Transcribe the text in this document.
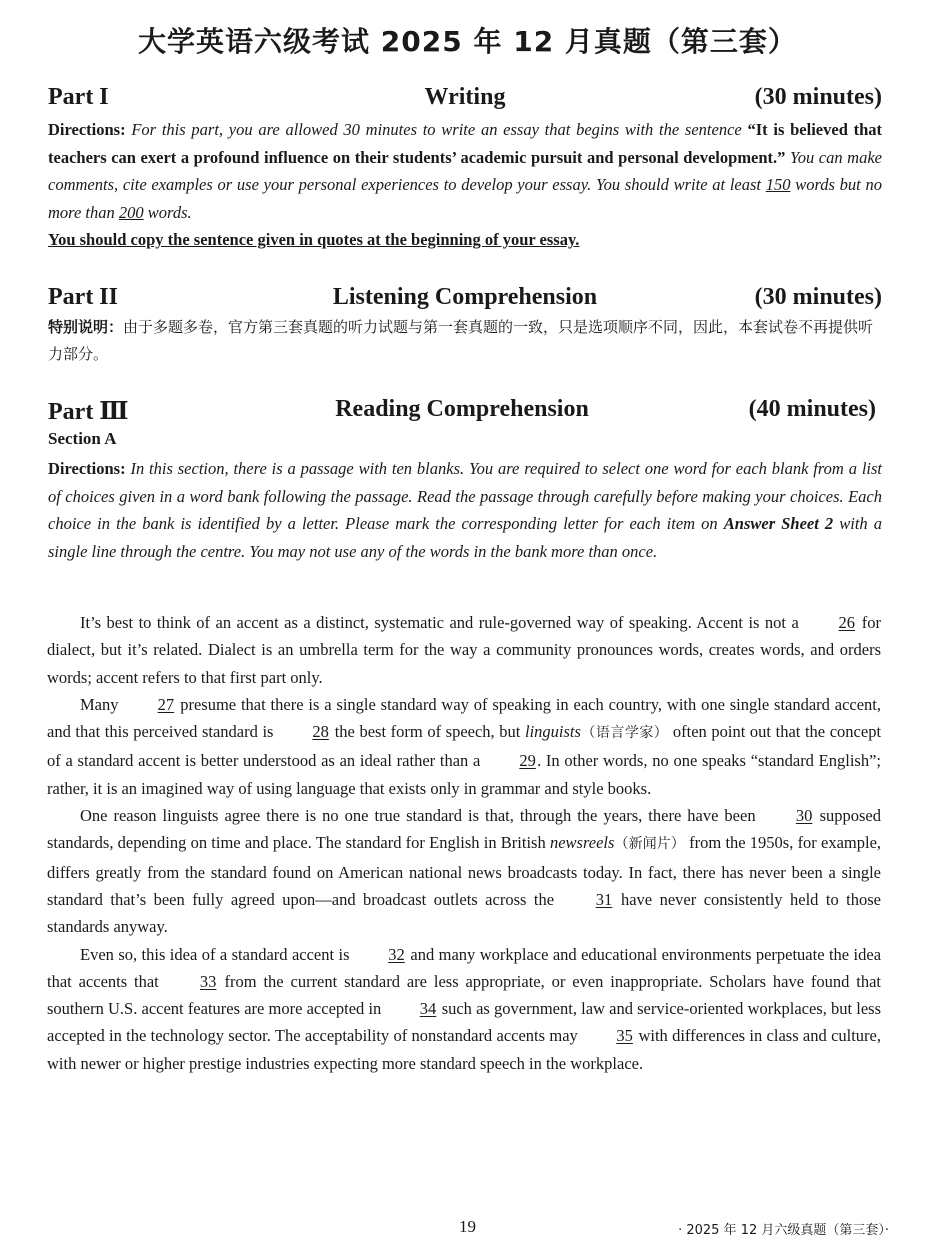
大学英语六级考试 2025 年 12 月真题（第三套）
Part I	Writing	(30 minutes)
Directions: For this part, you are allowed 30 minutes to write an essay that begins with the sentence “It is believed that teachers can exert a profound influence on their students’ academic pursuit and personal development.” You can make comments, cite examples or use your personal experiences to develop your essay. You should write at least 150 words but no more than 200 words.
You should copy the sentence given in quotes at the beginning of your essay.
Part II	Listening Comprehension	(30 minutes)
特别说明：由于多题多卷，官方第三套真题的听力试题与第一套真题的一致，只是选项顺序不同，因此，本套试卷不再提供听力部分。
Part Ⅲ	Reading Comprehension	(40 minutes)
Section A
Directions: In this section, there is a passage with ten blanks. You are required to select one word for each blank from a list of choices given in a word bank following the passage. Read the passage through carefully before making your choices. Each choice in the bank is identified by a letter. Please mark the corresponding letter for each item on Answer Sheet 2 with a single line through the centre. You may not use any of the words in the bank more than once.

It’s best to think of an accent as a distinct, systematic and rule-governed way of speaking. Accent is not a 26 for dialect, but it’s related. Dialect is an umbrella term for the way a community pronounces words, creates words, and orders words; accent refers to that first part only.

Many 27 presume that there is a single standard way of speaking in each country, with one single standard accent, and that this perceived standard is 28 the best form of speech, but linguists（语言学家） often point out that the concept of a standard accent is better understood as an ideal rather than a 29. In other words, no one speaks “standard English”; rather, it is an imagined way of using language that exists only in grammar and style books.

One reason linguists agree there is no one true standard is that, through the years, there have been 30 supposed standards, depending on time and place. The standard for English in British newsreels（新闻片） from the 1950s, for example, differs greatly from the standard found on American national news broadcasts today. In fact, there has never been a single standard that’s been fully agreed upon—and broadcast outlets across the	31 have never consistently held to those standards anyway.

Even so, this idea of a standard accent is 32 and many workplace and educational environments perpetuate the idea that accents that 33 from the current standard are less appropriate, or even inappropriate. Scholars have found that southern U.S. accent features are more accepted in 34 such as government, law and service-oriented workplaces, but less accepted in the technology sector. The acceptability of nonstandard accents may 35 with differences in class and culture, with newer or higher prestige industries expecting more standard speech in the workplace.

19	· 2025 年 12 月六级真题（第三套）·
